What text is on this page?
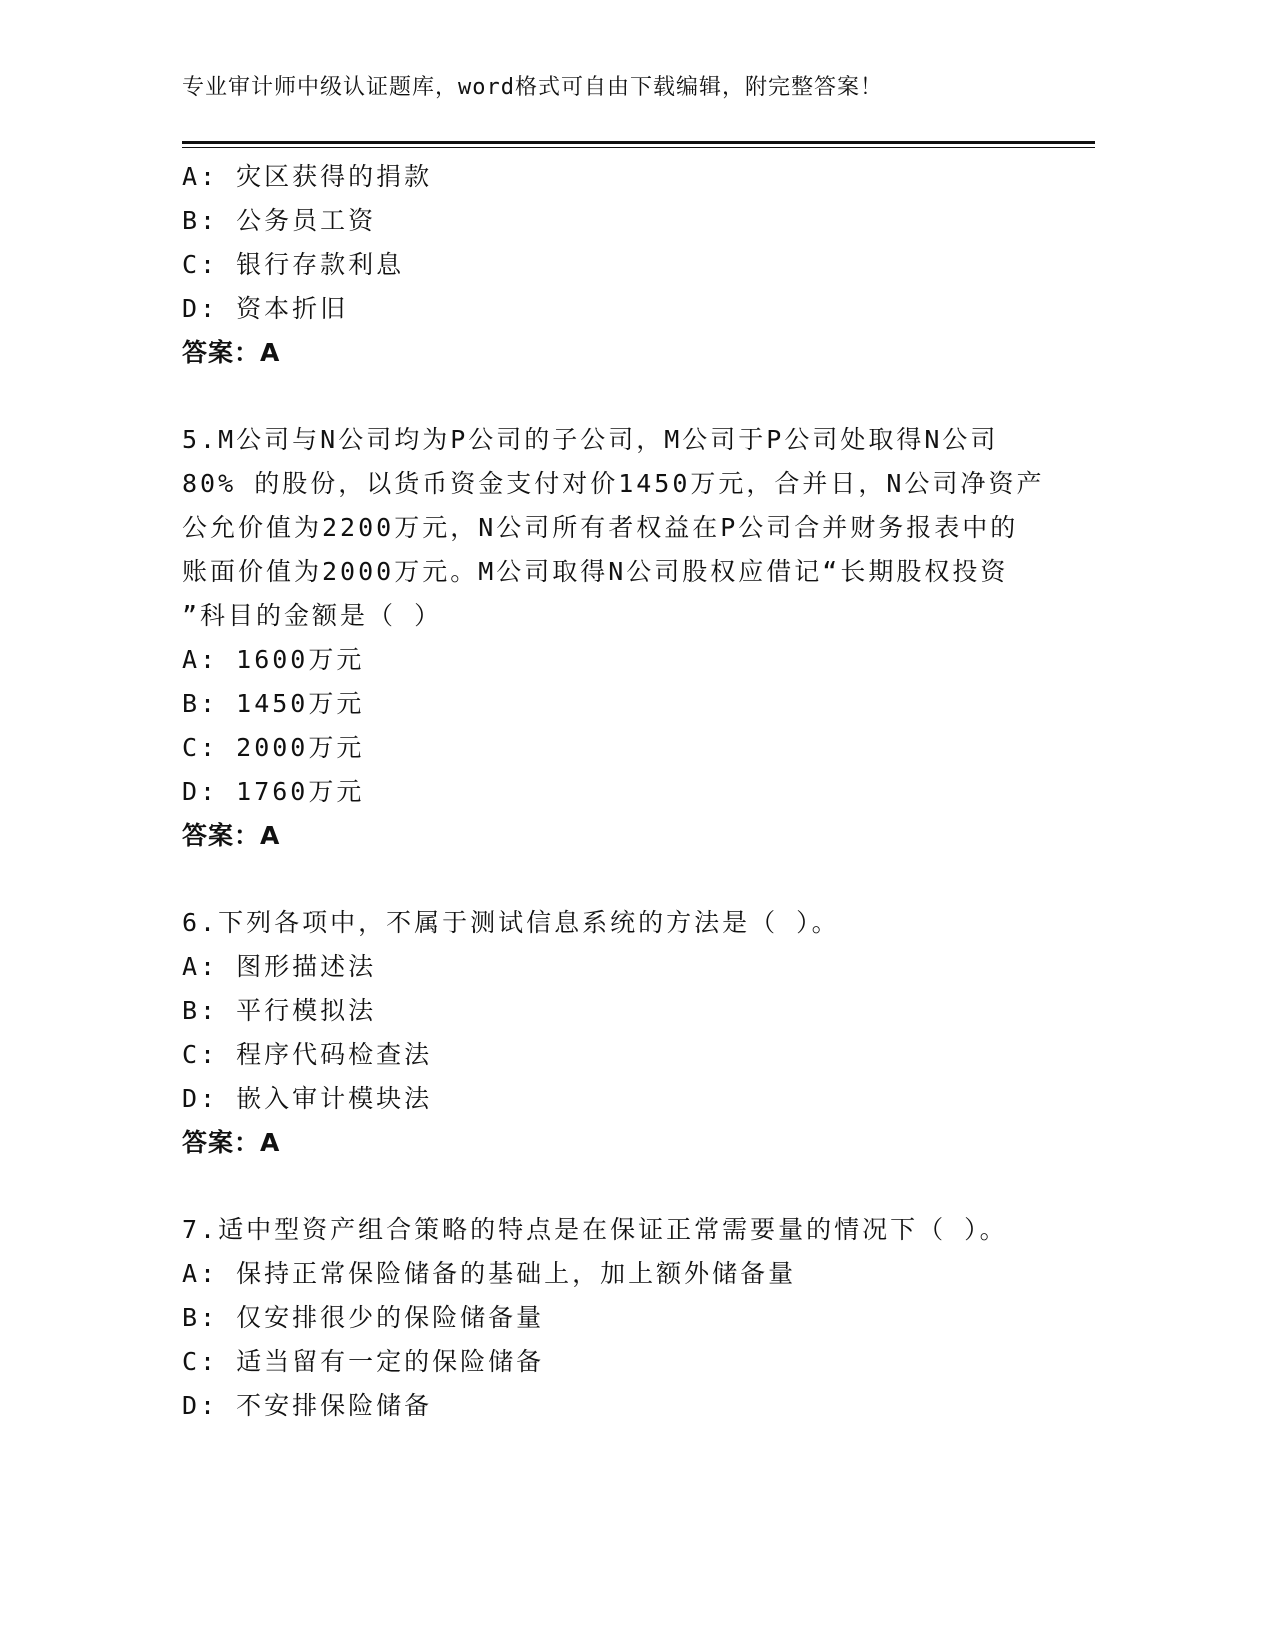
专业审计师中级认证题库，word格式可自由下载编辑，附完整答案！
A: 灾区获得的捐款
B: 公务员工资
C: 银行存款利息
D: 资本折旧
答案：A
5.M公司与N公司均为P公司的子公司，M公司于P公司处取得N公司
80% 的股份，以货币资金支付对价1450万元，合并日，N公司净资产
公允价值为2200万元，N公司所有者权益在P公司合并财务报表中的
账面价值为2000万元。M公司取得N公司股权应借记“长期股权投资
”科目的金额是（ ）
A: 1600万元
B: 1450万元
C: 2000万元
D: 1760万元
答案：A
6.下列各项中，不属于测试信息系统的方法是（ ）。
A: 图形描述法
B: 平行模拟法
C: 程序代码检查法
D: 嵌入审计模块法
答案：A
7.适中型资产组合策略的特点是在保证正常需要量的情况下（ ）。
A: 保持正常保险储备的基础上，加上额外储备量
B: 仅安排很少的保险储备量
C: 适当留有一定的保险储备
D: 不安排保险储备
